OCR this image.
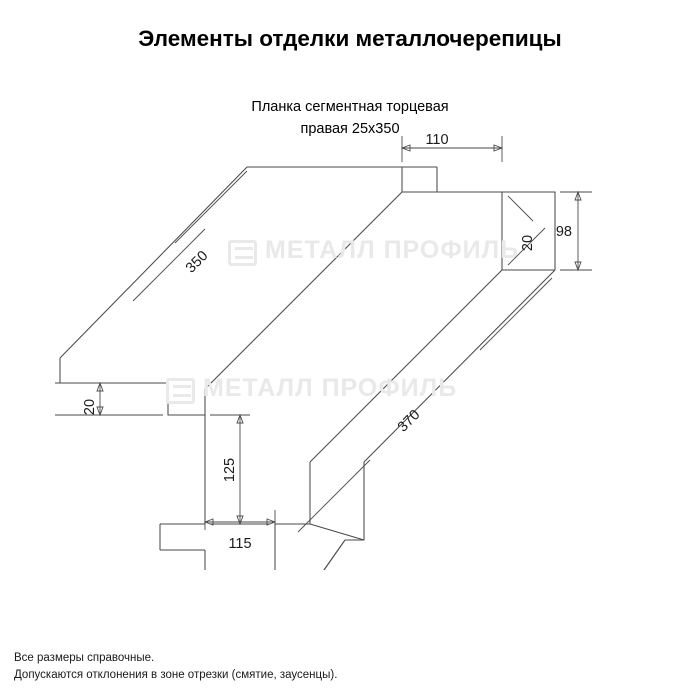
Элементы отделки металлочерепицы
Планка сегментная торцевая
правая 25х350
110
98
20
350
370
20
125
115
МЕТАЛЛ ПРОФИЛЬ
МЕТАЛЛ ПРОФИЛЬ
Все размеры справочные.
Допускаются отклонения в зоне отрезки (смятие, заусенцы).
